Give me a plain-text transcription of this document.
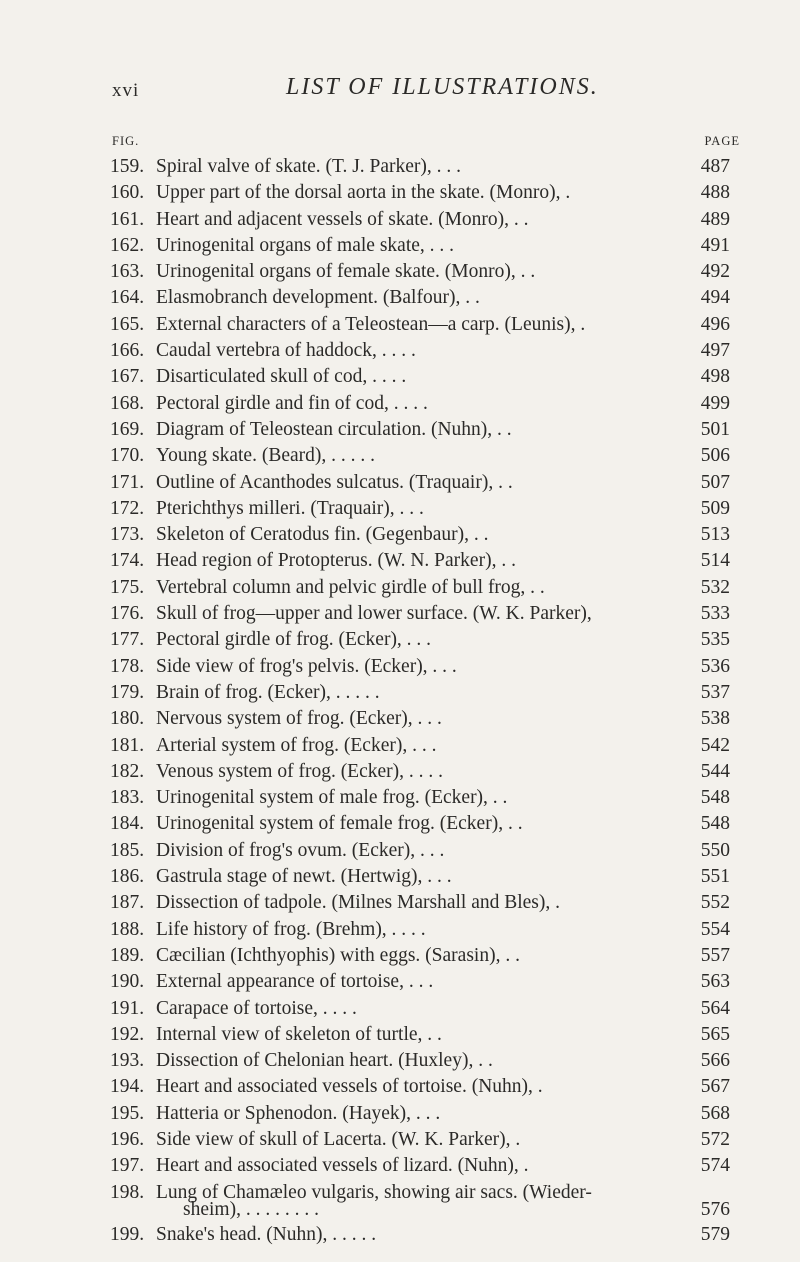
xvi	LIST OF ILLUSTRATIONS.
FIG.	PAGE
159. Spiral valve of skate. (T. J. Parker), . . .	487
160. Upper part of the dorsal aorta in the skate. (Monro), .	488
161. Heart and adjacent vessels of skate. (Monro), . .	489
162. Urinogenital organs of male skate, . . .	491
163. Urinogenital organs of female skate. (Monro), . .	492
164. Elasmobranch development. (Balfour), . .	494
165. External characters of a Teleostean—a carp. (Leunis), .	496
166. Caudal vertebra of haddock, . . . .	497
167. Disarticulated skull of cod, . . . .	498
168. Pectoral girdle and fin of cod, . . . .	499
169. Diagram of Teleostean circulation. (Nuhn), . .	501
170. Young skate. (Beard), . . . . .	506
171. Outline of Acanthodes sulcatus. (Traquair), . .	507
172. Pterichthys milleri. (Traquair), . . .	509
173. Skeleton of Ceratodus fin. (Gegenbaur), . .	513
174. Head region of Protopterus. (W. N. Parker), . .	514
175. Vertebral column and pelvic girdle of bull frog, . .	532
176. Skull of frog—upper and lower surface. (W. K. Parker),	533
177. Pectoral girdle of frog. (Ecker), . . .	535
178. Side view of frog's pelvis. (Ecker), . . .	536
179. Brain of frog. (Ecker), . . . . .	537
180. Nervous system of frog. (Ecker), . . .	538
181. Arterial system of frog. (Ecker), . . .	542
182. Venous system of frog. (Ecker), . . . .	544
183. Urinogenital system of male frog. (Ecker), . .	548
184. Urinogenital system of female frog. (Ecker), . .	548
185. Division of frog's ovum. (Ecker), . . .	550
186. Gastrula stage of newt. (Hertwig), . . .	551
187. Dissection of tadpole. (Milnes Marshall and Bles), .	552
188. Life history of frog. (Brehm), . . . .	554
189. Cæcilian (Ichthyophis) with eggs. (Sarasin), . .	557
190. External appearance of tortoise, . . .	563
191. Carapace of tortoise, . . . .	564
192. Internal view of skeleton of turtle, . .	565
193. Dissection of Chelonian heart. (Huxley), . .	566
194. Heart and associated vessels of tortoise. (Nuhn), .	567
195. Hatteria or Sphenodon. (Hayek), . . .	568
196. Side view of skull of Lacerta. (W. K. Parker), .	572
197. Heart and associated vessels of lizard. (Nuhn), .	574
198. Lung of Chamæleo vulgaris, showing air sacs. (Wieder-
sheim), . . . . . . . .	576
199. Snake's head. (Nuhn), . . . . .	579
